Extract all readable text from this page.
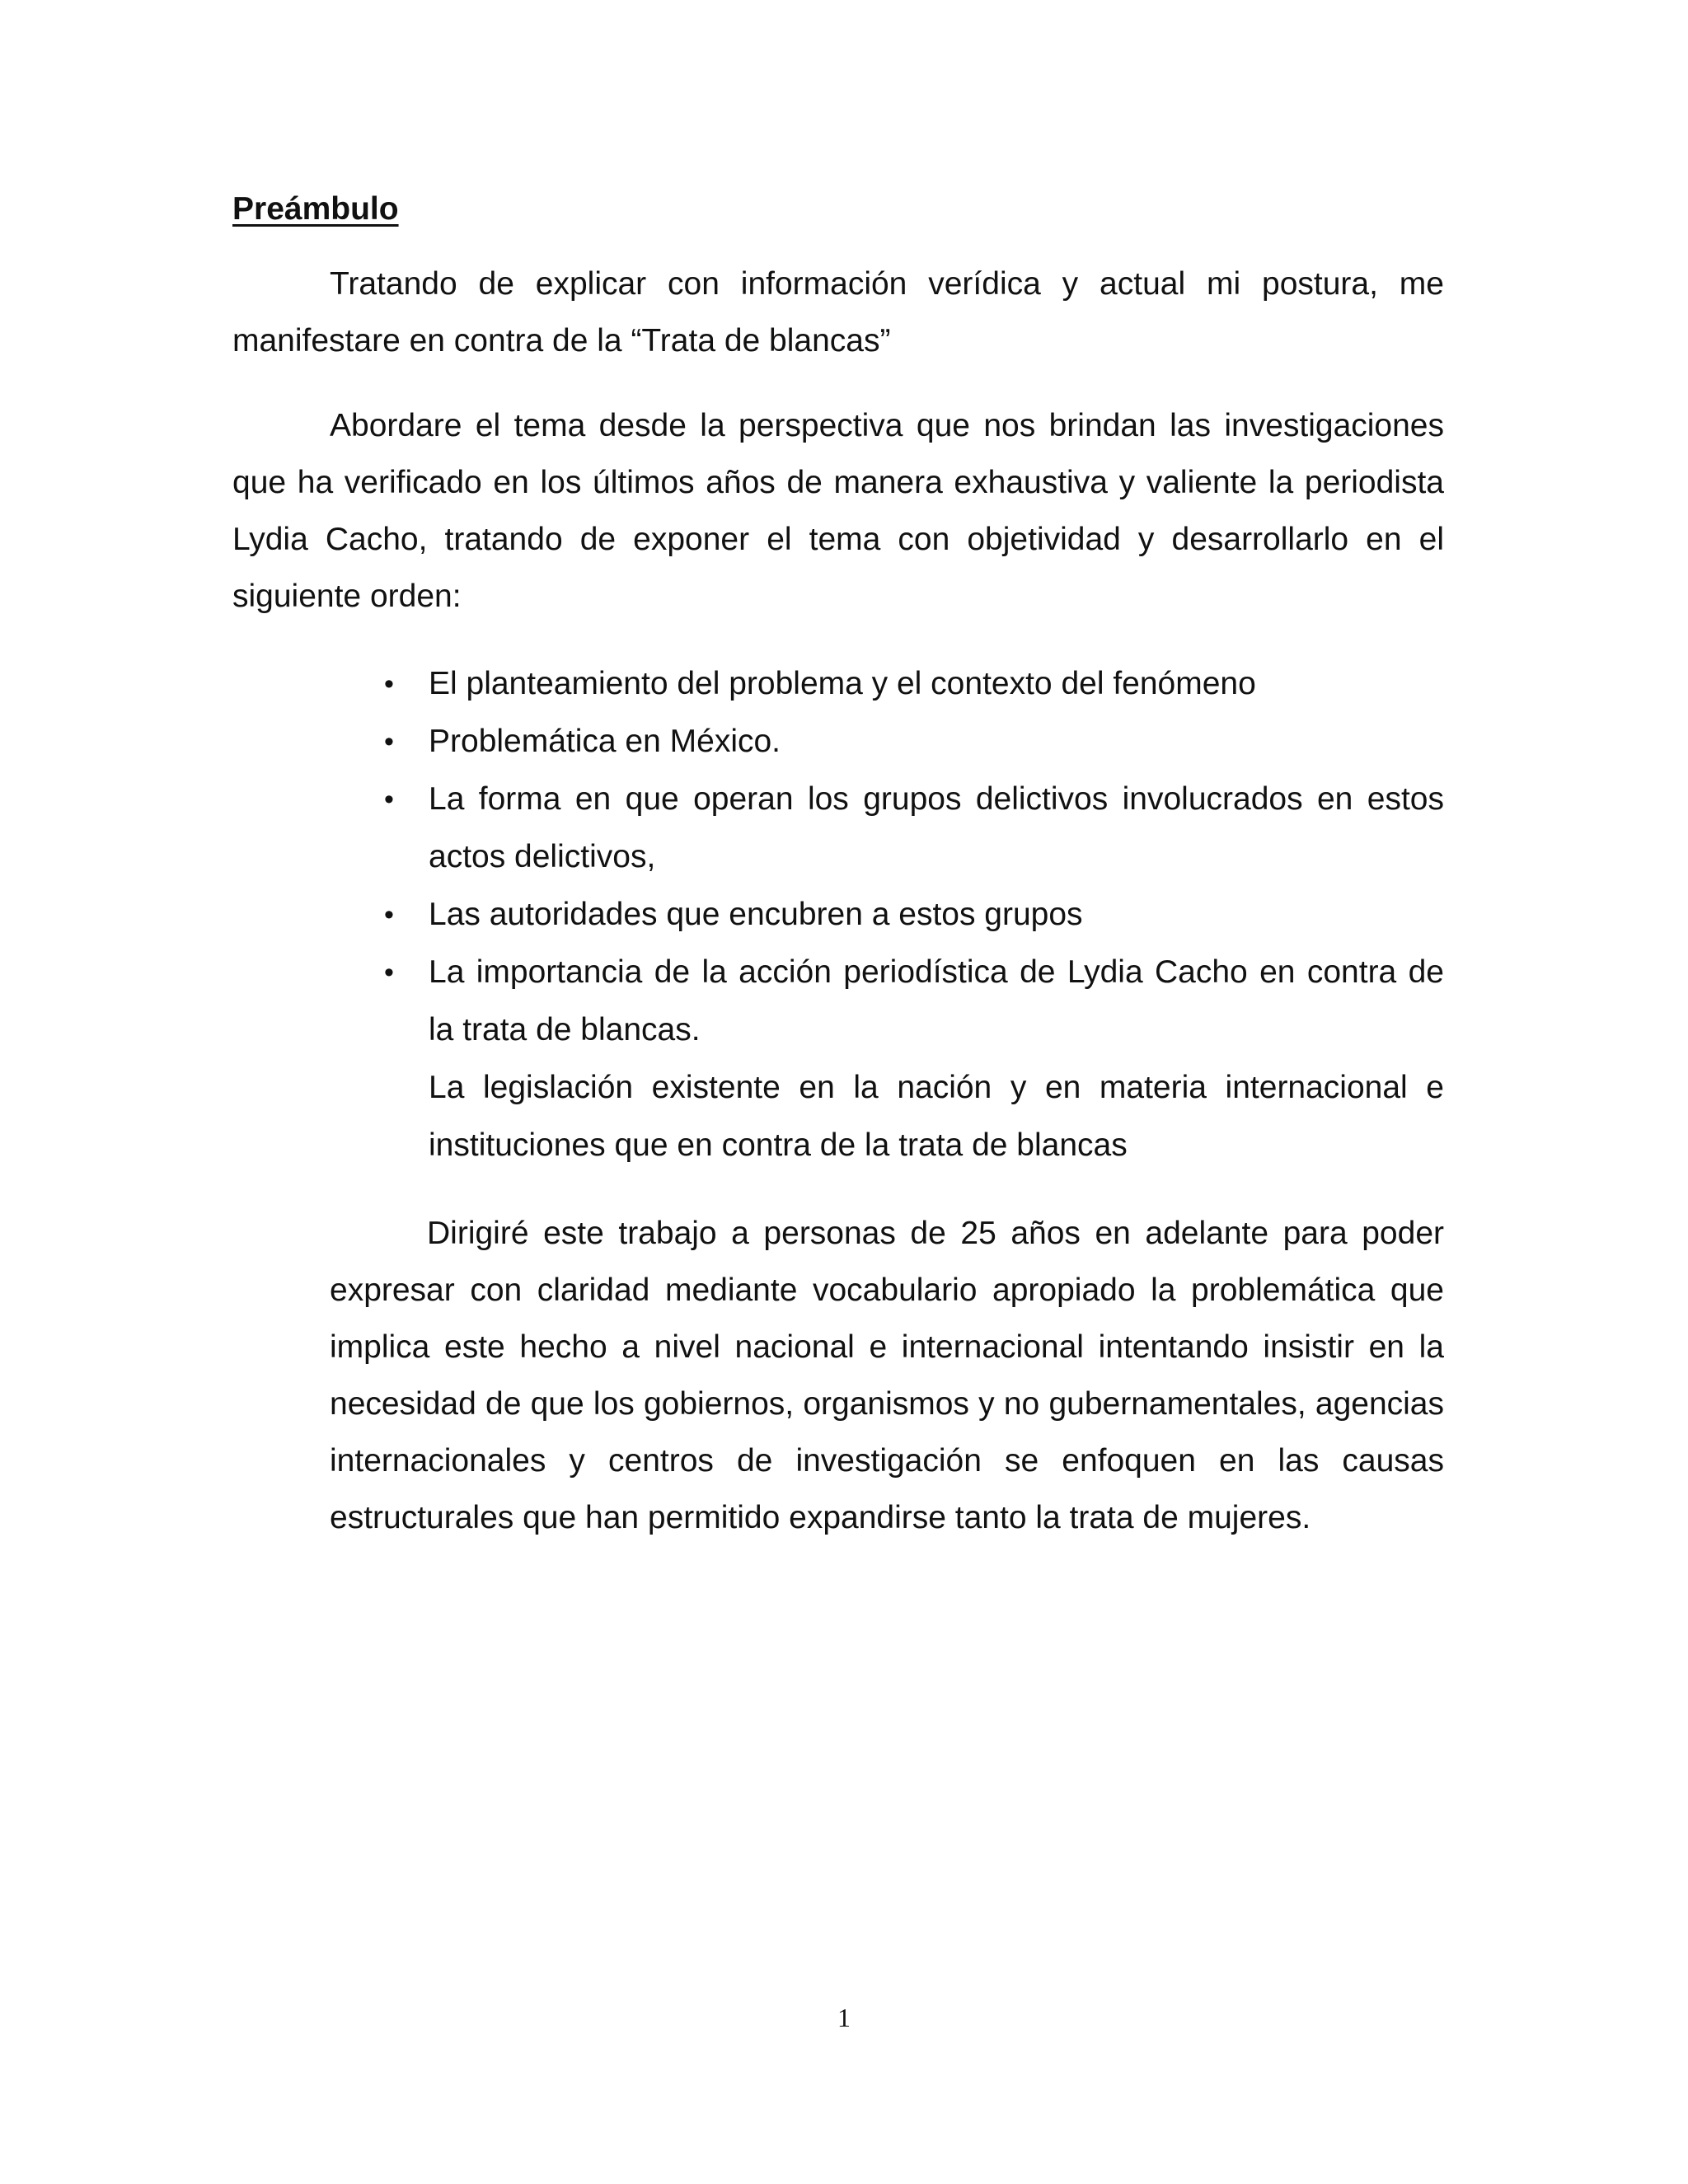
Preámbulo

Tratando de explicar con información verídica y actual mi postura, me manifestare en contra de la “Trata de blancas”

Abordare el tema desde la perspectiva que nos brindan las investigaciones que ha verificado en los últimos años de manera exhaustiva y valiente la periodista Lydia Cacho, tratando de exponer el tema con objetividad y desarrollarlo en el siguiente orden:

• El planteamiento del problema y el contexto del fenómeno
• Problemática en México.
• La forma en que operan los grupos delictivos involucrados en estos actos delictivos,
• Las autoridades que encubren a estos grupos
• La importancia de la acción periodística de Lydia Cacho en contra de la trata de blancas.
La legislación existente en la nación y en materia internacional e instituciones que en contra de la trata de blancas

Dirigiré este trabajo a personas de 25 años en adelante para poder expresar con claridad mediante vocabulario apropiado la problemática que implica este hecho a nivel nacional e internacional intentando insistir en la necesidad de que los gobiernos, organismos y no gubernamentales, agencias internacionales y centros de investigación se enfoquen en las causas estructurales que han permitido expandirse tanto la trata de mujeres.

1
